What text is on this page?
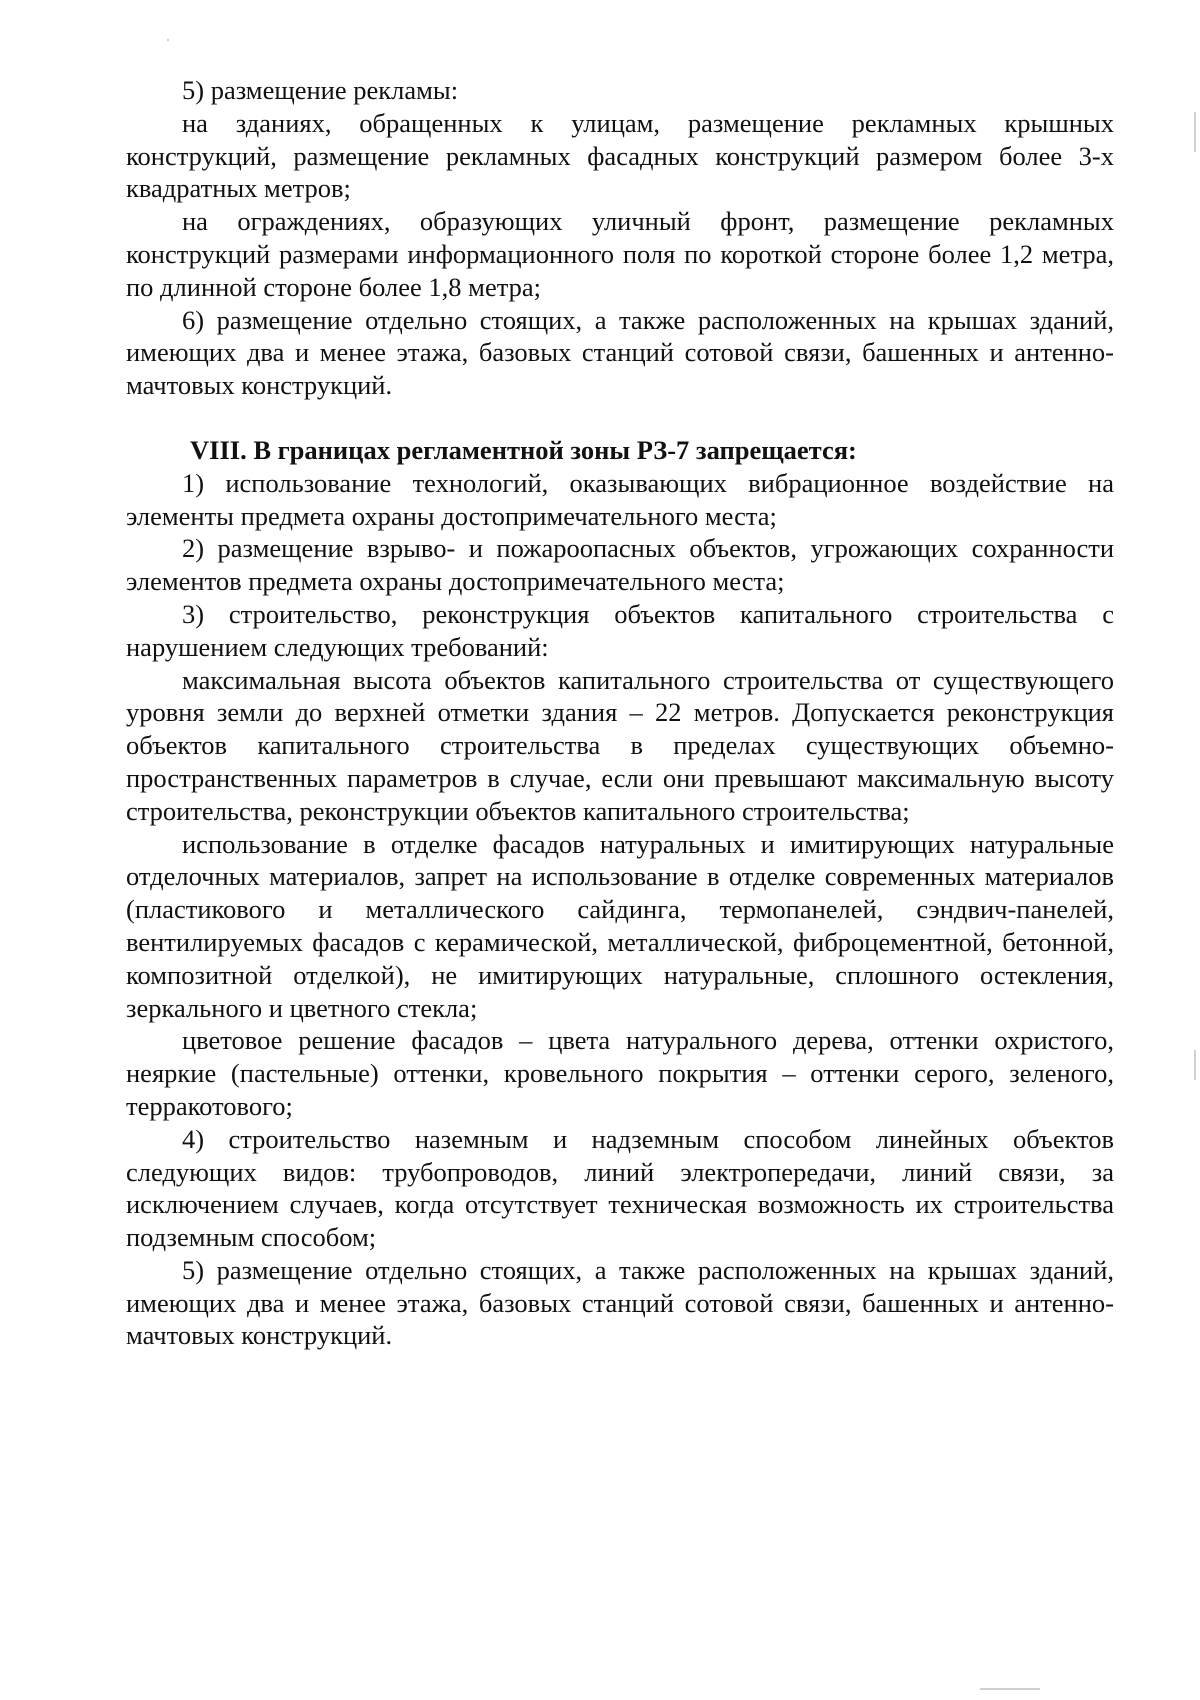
5) размещение рекламы:

на зданиях, обращенных к улицам, размещение рекламных крышных конструкций, размещение рекламных фасадных конструкций размером более 3-х квадратных метров;

на ограждениях, образующих уличный фронт, размещение рекламных конструкций размерами информационного поля по короткой стороне более 1,2 метра, по длинной стороне более 1,8 метра;

6) размещение отдельно стоящих, а также расположенных на крышах зданий, имеющих два и менее этажа, базовых станций сотовой связи, башенных и антенно- мачтовых конструкций.

VIII. В границах регламентной зоны РЗ-7 запрещается:

1) использование технологий, оказывающих вибрационное воздействие на элементы предмета охраны достопримечательного места;

2) размещение взрыво- и пожароопасных объектов, угрожающих сохранности элементов предмета охраны достопримечательного места;

3) строительство, реконструкция объектов капитального строительства с нарушением следующих требований:

максимальная высота объектов капитального строительства от существующего уровня земли до верхней отметки здания – 22 метров. Допускается реконструкция объектов капитального строительства в пределах существующих объемно-пространственных параметров в случае, если они превышают максимальную высоту строительства, реконструкции объектов капитального строительства;

использование в отделке фасадов натуральных и имитирующих натуральные отделочных материалов, запрет на использование в отделке современных материалов (пластикового и металлического сайдинга, термопанелей, сэндвич-панелей, вентилируемых фасадов с керамической, металлической, фиброцементной, бетонной, композитной отделкой), не имитирующих натуральные, сплошного остекления, зеркального и цветного стекла;

цветовое решение фасадов – цвета натурального дерева, оттенки охристого, неяркие (пастельные) оттенки, кровельного покрытия – оттенки серого, зеленого, терракотового;

4) строительство наземным и надземным способом линейных объектов следующих видов: трубопроводов, линий электропередачи, линий связи, за исключением случаев, когда отсутствует техническая возможность их строительства подземным способом;

5) размещение отдельно стоящих, а также расположенных на крышах зданий, имеющих два и менее этажа, базовых станций сотовой связи, башенных и антенно- мачтовых конструкций.
